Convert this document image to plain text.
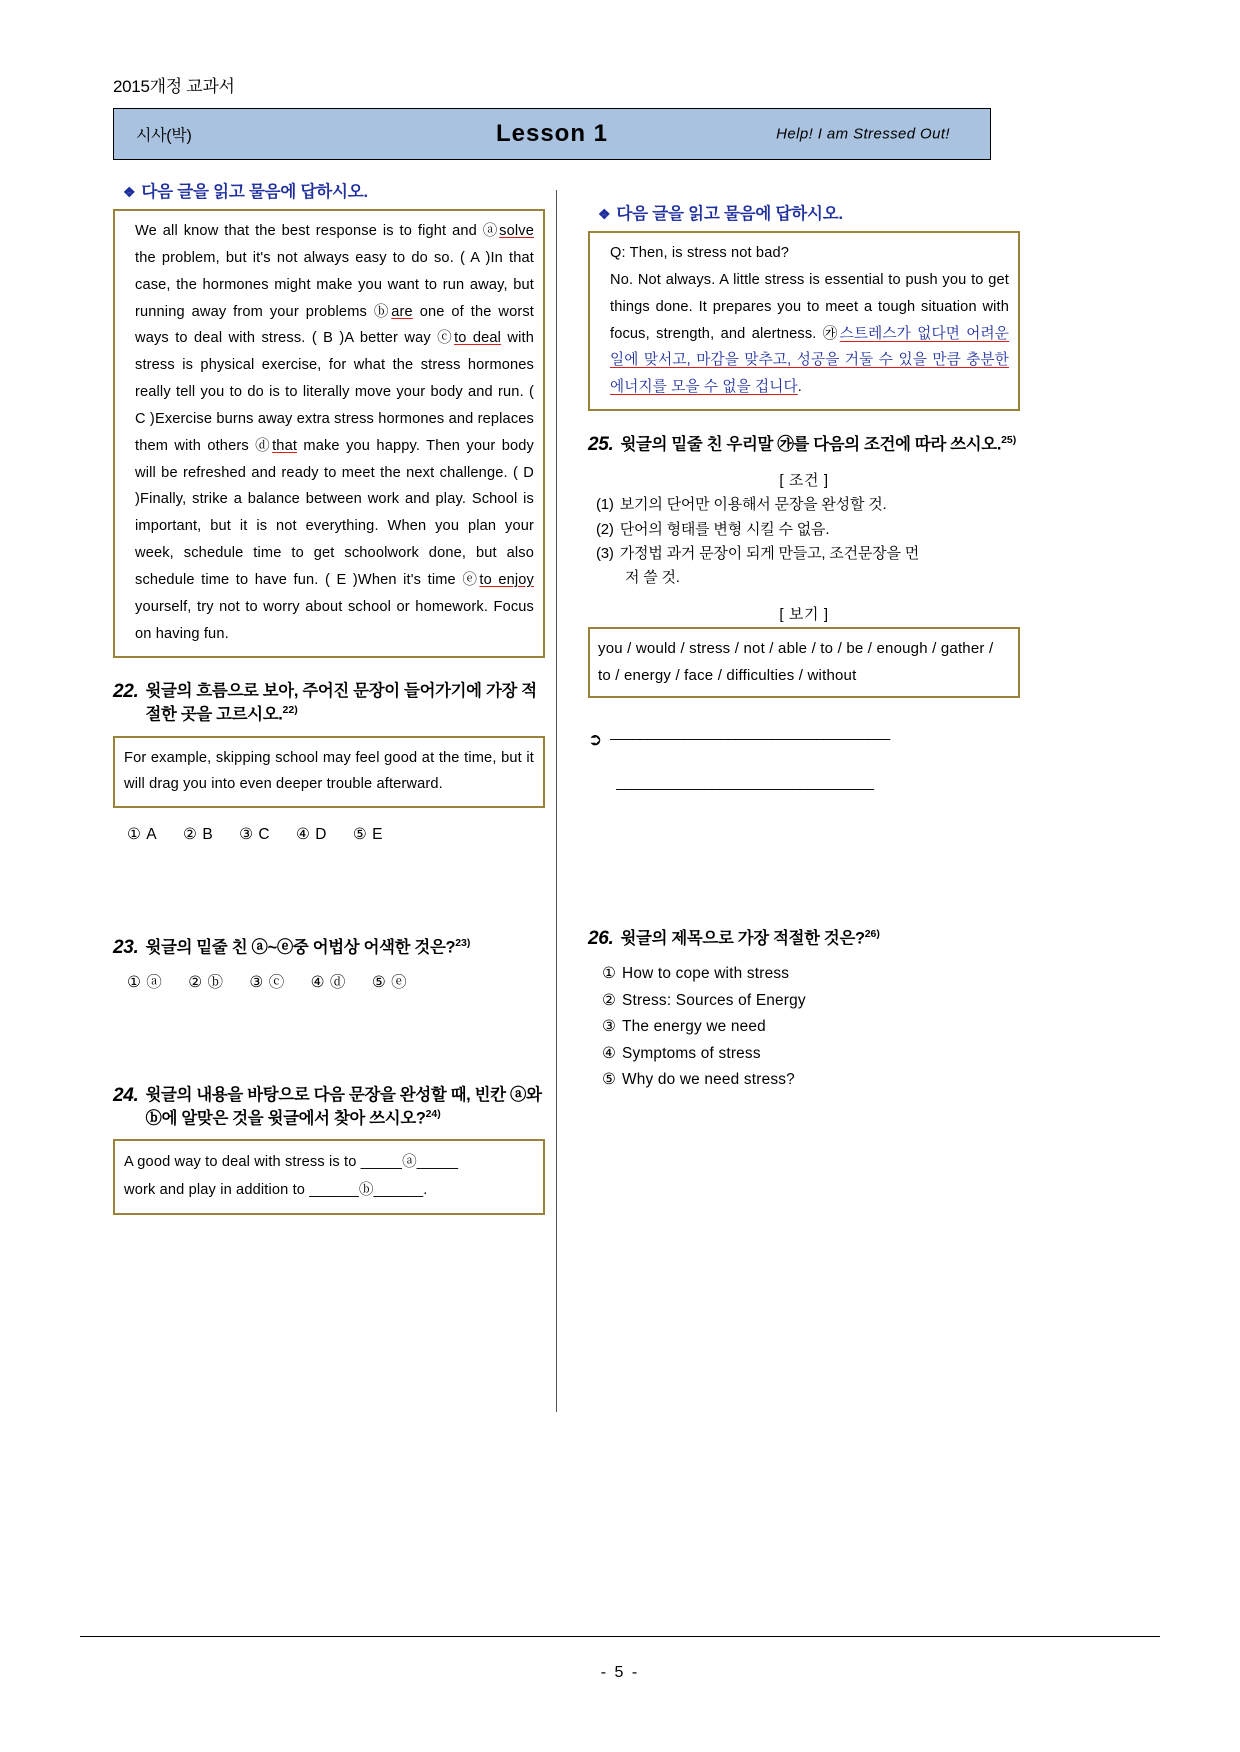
2015개정 교과서
시사(박)	Lesson 1	Help! I am Stressed Out!
❖ 다음 글을 읽고 물음에 답하시오.

We all know that the best response is to fight and ⓐsolve the problem, but it's not always easy to do so. ( A )In that case, the hormones might make you want to run away, but running away from your problems ⓑare one of the worst ways to deal with stress. ( B )A better way ⓒto deal with stress is physical exercise, for what the stress hormones really tell you to do is to literally move your body and run. ( C )Exercise burns away extra stress hormones and replaces them with others ⓓthat make you happy. Then your body will be refreshed and ready to meet the next challenge. ( D )Finally, strike a balance between work and play. School is important, but it is not everything. When you plan your week, schedule time to get schoolwork done, but also schedule time to have fun. ( E )When it's time ⓔto enjoy yourself, try not to worry about school or homework. Focus on having fun.

22. 윗글의 흐름으로 보아, 주어진 문장이 들어가기에 가장 적절한 곳을 고르시오.$^{22)}$

For example, skipping school may feel good at the time, but it will drag you into even deeper trouble afterward.

① A ② B ③ C ④ D ⑤ E
23. 윗글의 밑줄 친 ⓐ~ⓔ중 어법상 어색한 것은?$^{23)}$
① ⓐ ② ⓑ ③ ⓒ ④ ⓓ ⑤ ⓔ
24. 윗글의 내용을 바탕으로 다음 문장을 완성할 때, 빈칸 ⓐ와ⓑ에 알맞은 것을 윗글에서 찾아 쓰시오?$^{24)}$

A good way to deal with stress is to _____ⓐ_____

work and play in addition to ______ⓑ______.

❖ 다음 글을 읽고 물음에 답하시오.

Q: Then, is stress not bad?

No. Not always. A little stress is essential to push you to get things done. It prepares you to meet a tough situation with focus, strength, and alertness. ㉮스트레스가 없다면 어려운 일에 맞서고, 마감을 맞추고, 성공을 거둘 수 있을 만큼 충분한 에너지를 모을 수 없을 겁니다.

25. 윗글의 밑줄 친 우리말 ㉮를 다음의 조건에 따라 쓰시오.$^{25)}$
[ 조건 ]
(1) 보기의 단어만 이용해서 문장을 완성할 것.
(2) 단어의 형태를 변형 시킬 수 없음.
(3) 가정법 과거 문장이 되게 만들고, 조건문장을 먼
저 쓸 것.
[ 보기 ]
you / would / stress / not / able / to / be / enough / gather / to / energy / face / difficulties / without
➲ ______________________________________
___________________________________
26. 윗글의 제목으로 가장 적절한 것은?$^{26)}$
① How to cope with stress
② Stress: Sources of Energy
③ The energy we need
④ Symptoms of stress
⑤ Why do we need stress?
- 5 -
